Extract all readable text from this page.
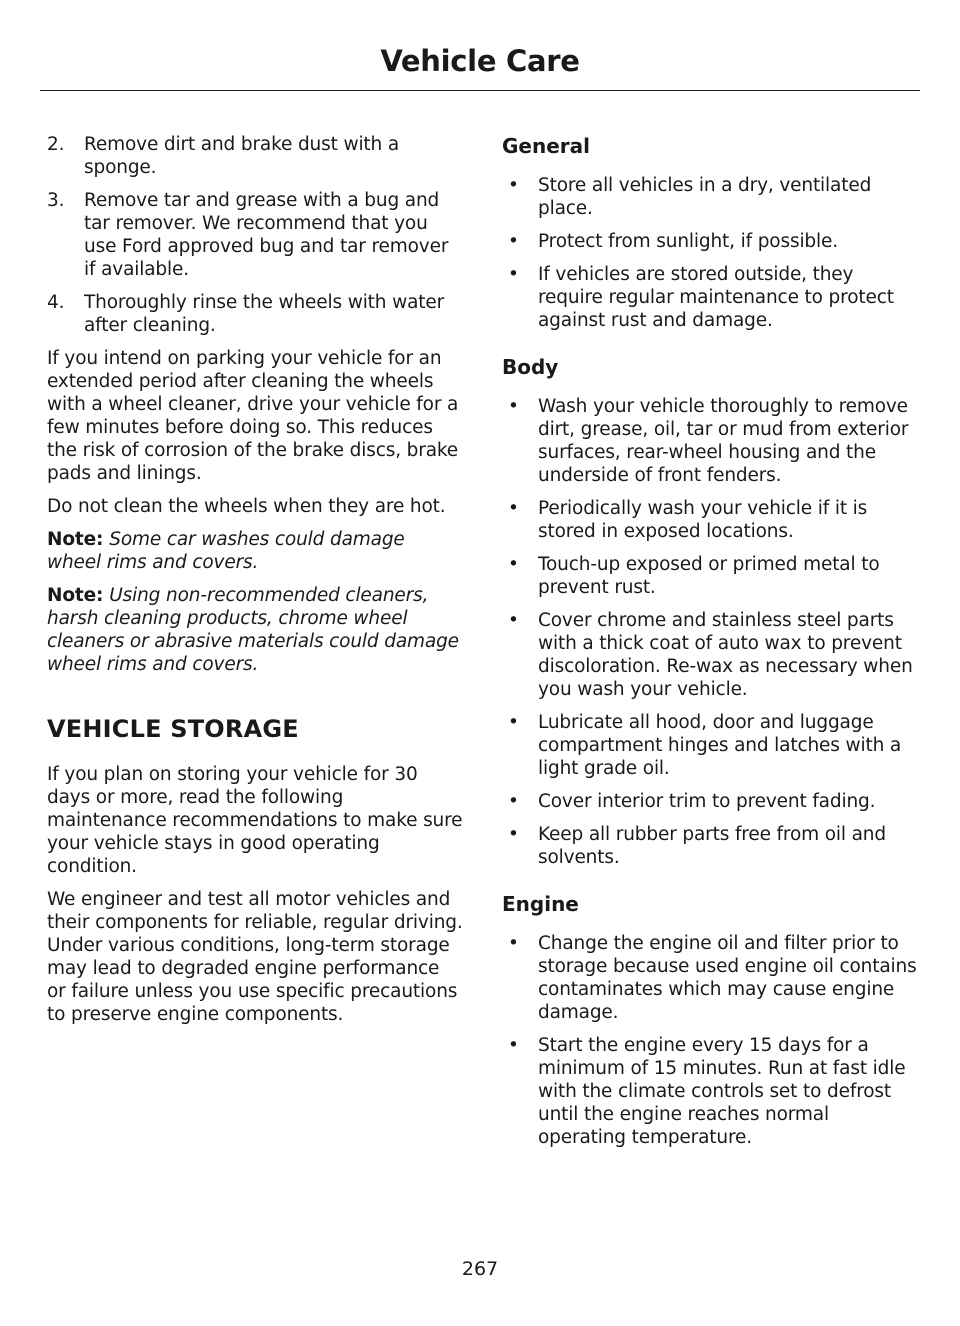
Vehicle Care
2. Remove dirt and brake dust with a sponge.
3. Remove tar and grease with a bug and tar remover. We recommend that you use Ford approved bug and tar remover if available.
4. Thoroughly rinse the wheels with water after cleaning.

If you intend on parking your vehicle for an extended period after cleaning the wheels with a wheel cleaner, drive your vehicle for a few minutes before doing so. This reduces the risk of corrosion of the brake discs, brake pads and linings.

Do not clean the wheels when they are hot.

Note: Some car washes could damage wheel rims and covers.

Note: Using non-recommended cleaners, harsh cleaning products, chrome wheel cleaners or abrasive materials could damage wheel rims and covers.

VEHICLE STORAGE

If you plan on storing your vehicle for 30 days or more, read the following maintenance recommendations to make sure your vehicle stays in good operating condition.

We engineer and test all motor vehicles and their components for reliable, regular driving. Under various conditions, long-term storage may lead to degraded engine performance or failure unless you use specific precautions to preserve engine components.

General
• Store all vehicles in a dry, ventilated place.
• Protect from sunlight, if possible.
• If vehicles are stored outside, they require regular maintenance to protect against rust and damage.
Body
• Wash your vehicle thoroughly to remove dirt, grease, oil, tar or mud from exterior surfaces, rear-wheel housing and the underside of front fenders.
• Periodically wash your vehicle if it is stored in exposed locations.
• Touch-up exposed or primed metal to prevent rust.
• Cover chrome and stainless steel parts with a thick coat of auto wax to prevent discoloration. Re-wax as necessary when you wash your vehicle.
• Lubricate all hood, door and luggage compartment hinges and latches with a light grade oil.
• Cover interior trim to prevent fading.
• Keep all rubber parts free from oil and solvents.
Engine
• Change the engine oil and filter prior to storage because used engine oil contains contaminates which may cause engine damage.
• Start the engine every 15 days for a minimum of 15 minutes. Run at fast idle with the climate controls set to defrost until the engine reaches normal operating temperature.
267
